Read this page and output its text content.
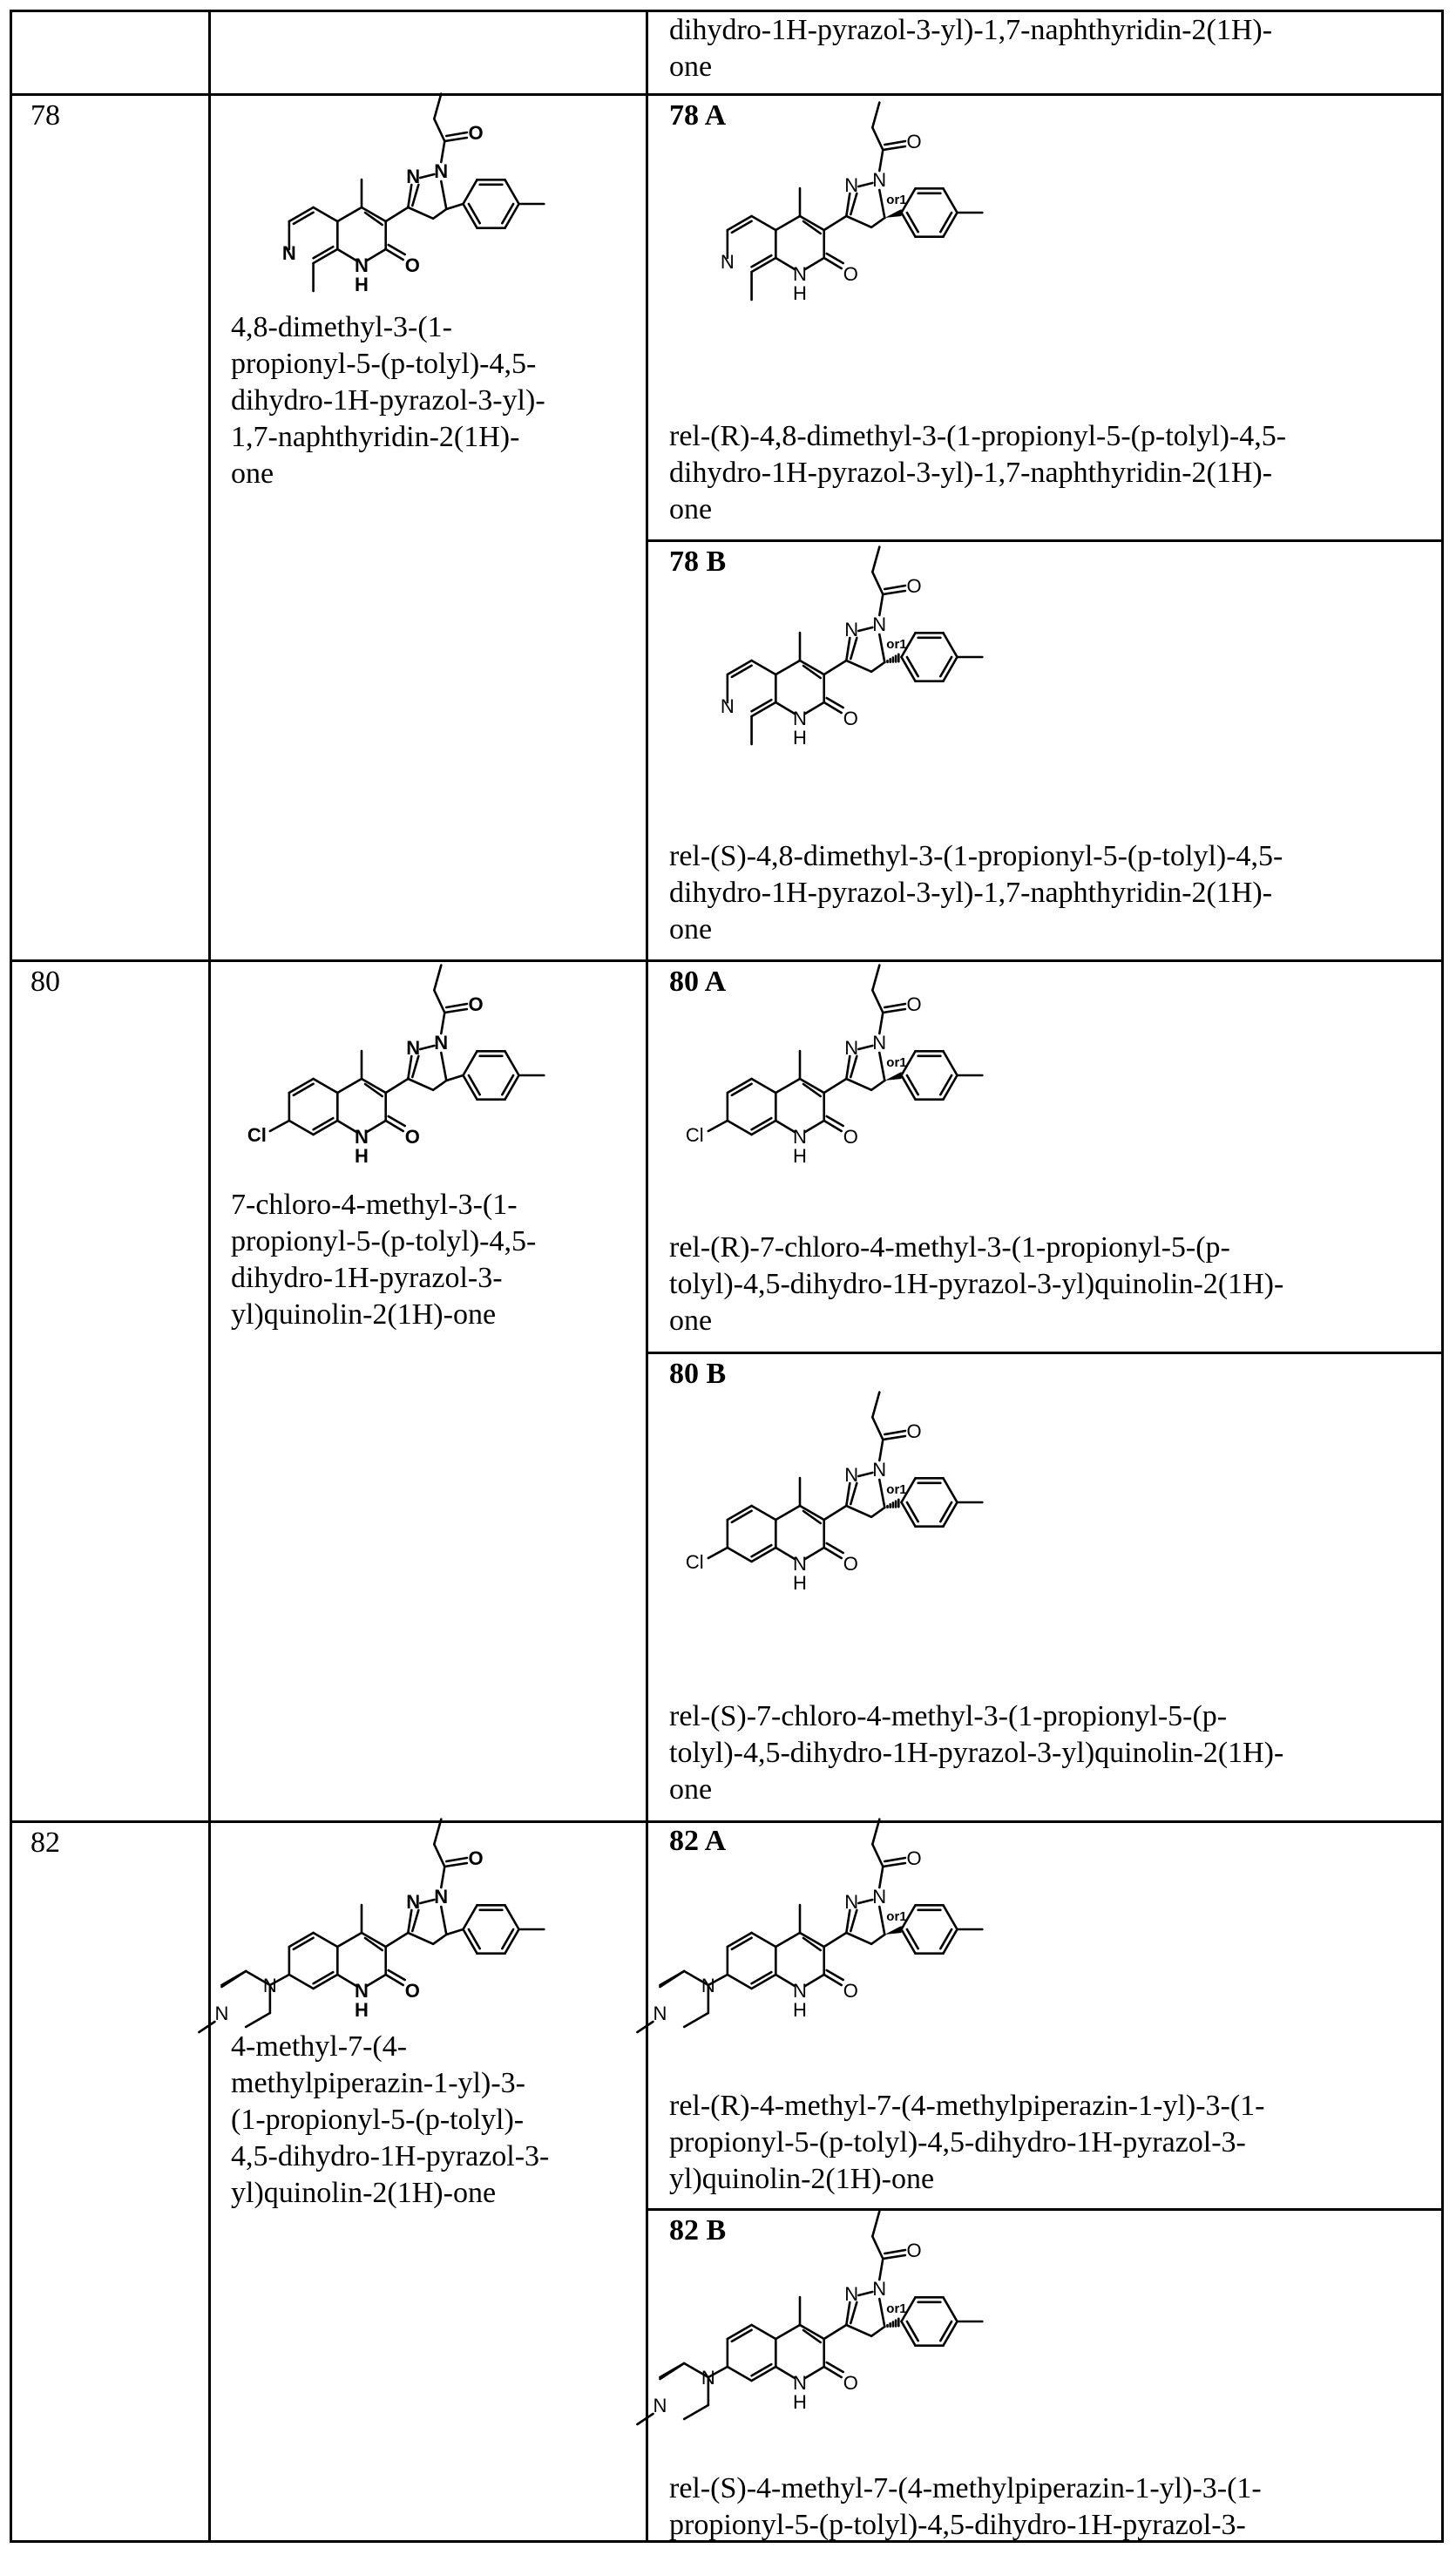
dihydro-1H-pyrazol-3-yl)-1,7-naphthyridin-2(1H)-
one
78
4,8-dimethyl-3-(1-
propionyl-5-(p-tolyl)-4,5-
dihydro-1H-pyrazol-3-yl)-
1,7-naphthyridin-2(1H)-
one
78 A
rel-(R)-4,8-dimethyl-3-(1-propionyl-5-(p-tolyl)-4,5-
dihydro-1H-pyrazol-3-yl)-1,7-naphthyridin-2(1H)-
one
78 B
rel-(S)-4,8-dimethyl-3-(1-propionyl-5-(p-tolyl)-4,5-
dihydro-1H-pyrazol-3-yl)-1,7-naphthyridin-2(1H)-
one
80
7-chloro-4-methyl-3-(1-
propionyl-5-(p-tolyl)-4,5-
dihydro-1H-pyrazol-3-
yl)quinolin-2(1H)-one
80 A
rel-(R)-7-chloro-4-methyl-3-(1-propionyl-5-(p-
tolyl)-4,5-dihydro-1H-pyrazol-3-yl)quinolin-2(1H)-
one
80 B
rel-(S)-7-chloro-4-methyl-3-(1-propionyl-5-(p-
tolyl)-4,5-dihydro-1H-pyrazol-3-yl)quinolin-2(1H)-
one
82
4-methyl-7-(4-
methylpiperazin-1-yl)-3-
(1-propionyl-5-(p-tolyl)-
4,5-dihydro-1H-pyrazol-3-
yl)quinolin-2(1H)-one
82 A
rel-(R)-4-methyl-7-(4-methylpiperazin-1-yl)-3-(1-
propionyl-5-(p-tolyl)-4,5-dihydro-1H-pyrazol-3-
yl)quinolin-2(1H)-one
82 B
rel-(S)-4-methyl-7-(4-methylpiperazin-1-yl)-3-(1-
propionyl-5-(p-tolyl)-4,5-dihydro-1H-pyrazol-3-
N
H
O
N
N N
O
N
H
O
N
N N
or1
O
N
H
O
N
N N
or1
O
N
H
O
Cl
N N
O
N
H
O
Cl
N N
or1
O
N
H
O
Cl
N N
or1
O
N
H
O
N
N
N N
O
N
H
O
N
N
N N
or1
O
N
H
O
N
N
N N
or1
O
